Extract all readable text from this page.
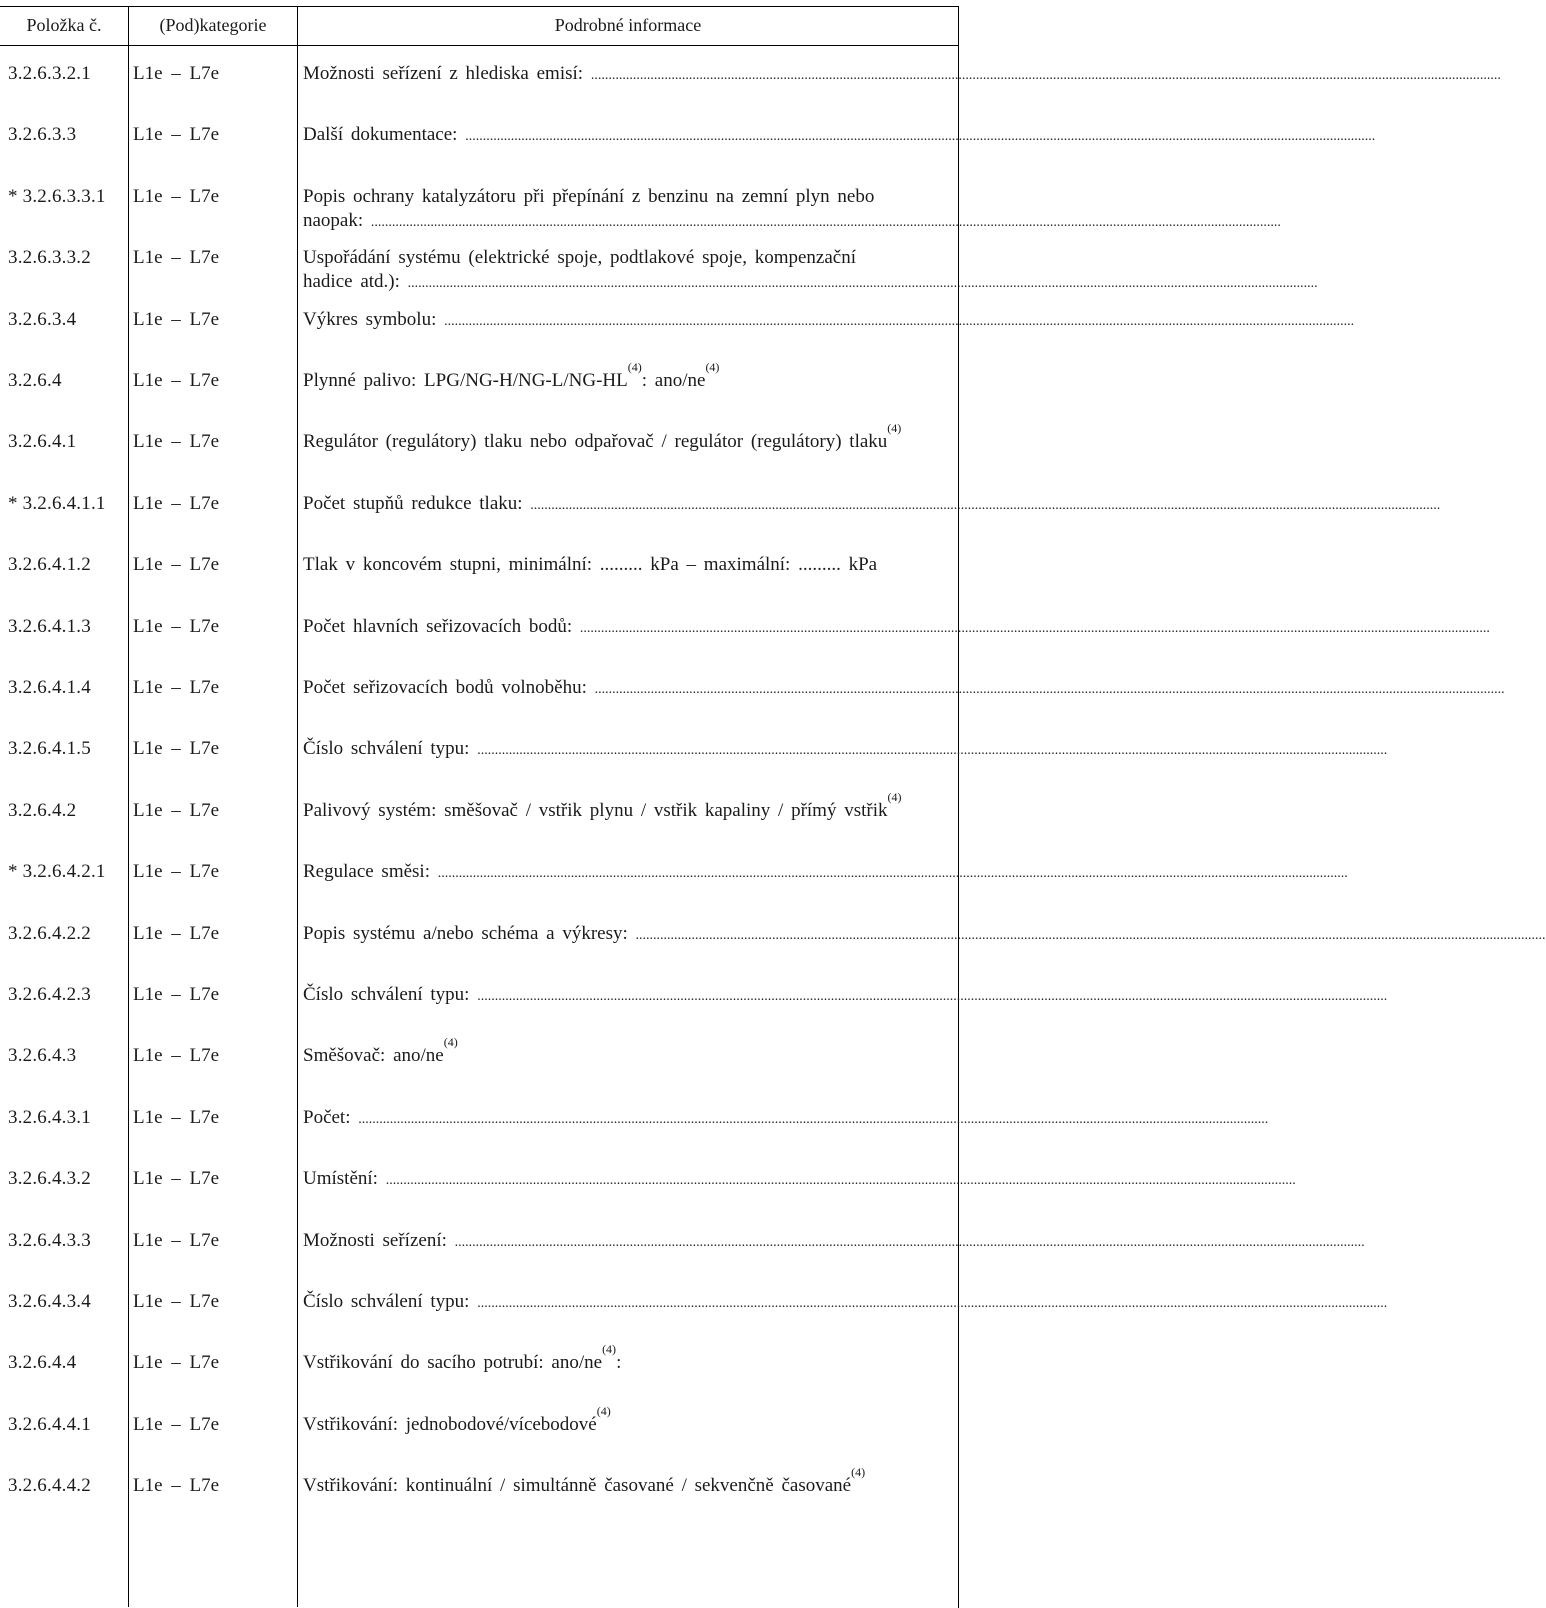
Položka č.	(Pod)kategorie	Podrobné informace
3.2.6.3.2.1	L1e – L7e	Možnosti seřízení z hlediska emisí: ....................................................................................................................................................................................................................................................................
3.2.6.3.3	L1e – L7e	Další dokumentace: ....................................................................................................................................................................................................................................................................
* 3.2.6.3.3.1	L1e – L7e	Popis ochrany katalyzátoru při přepínání z benzinu na zemní plyn nebo
naopak: ....................................................................................................................................................................................................................................................................
3.2.6.3.3.2	L1e – L7e	Uspořádání systému (elektrické spoje, podtlakové spoje, kompenzační
hadice atd.): ....................................................................................................................................................................................................................................................................
3.2.6.3.4	L1e – L7e	Výkres symbolu: ....................................................................................................................................................................................................................................................................
3.2.6.4	L1e – L7e	Plynné palivo: LPG/NG-H/NG-L/NG-HL
$^{(4)}$
: ano/ne
$^{(4)}$
3.2.6.4.1	L1e – L7e	Regulátor (regulátory) tlaku nebo odpařovač / regulátor (regulátory) tlaku
$^{(4)}$
* 3.2.6.4.1.1	L1e – L7e	Počet stupňů redukce tlaku: ....................................................................................................................................................................................................................................................................
3.2.6.4.1.2	L1e – L7e	Tlak v koncovém stupni, minimální: ......... kPa – maximální: ......... kPa
3.2.6.4.1.3	L1e – L7e	Počet hlavních seřizovacích bodů: ....................................................................................................................................................................................................................................................................
3.2.6.4.1.4	L1e – L7e	Počet seřizovacích bodů volnoběhu: ....................................................................................................................................................................................................................................................................
3.2.6.4.1.5	L1e – L7e	Číslo schválení typu: ....................................................................................................................................................................................................................................................................
3.2.6.4.2	L1e – L7e	Palivový systém: směšovač / vstřik plynu / vstřik kapaliny / přímý vstřik
$^{(4)}$
* 3.2.6.4.2.1	L1e – L7e	Regulace směsi: ....................................................................................................................................................................................................................................................................
3.2.6.4.2.2	L1e – L7e	Popis systému a/nebo schéma a výkresy: ....................................................................................................................................................................................................................................................................
3.2.6.4.2.3	L1e – L7e	Číslo schválení typu: ....................................................................................................................................................................................................................................................................
3.2.6.4.3	L1e – L7e	Směšovač: ano/ne
$^{(4)}$
3.2.6.4.3.1	L1e – L7e	Počet: ....................................................................................................................................................................................................................................................................
3.2.6.4.3.2	L1e – L7e	Umístění: ....................................................................................................................................................................................................................................................................
3.2.6.4.3.3	L1e – L7e	Možnosti seřízení: ....................................................................................................................................................................................................................................................................
3.2.6.4.3.4	L1e – L7e	Číslo schválení typu: ....................................................................................................................................................................................................................................................................
3.2.6.4.4	L1e – L7e	Vstřikování do sacího potrubí: ano/ne
$^{(4)}$
:
3.2.6.4.4.1	L1e – L7e	Vstřikování: jednobodové/vícebodové
$^{(4)}$
3.2.6.4.4.2	L1e – L7e	Vstřikování: kontinuální / simultánně časované / sekvenčně časované
$^{(4)}$
